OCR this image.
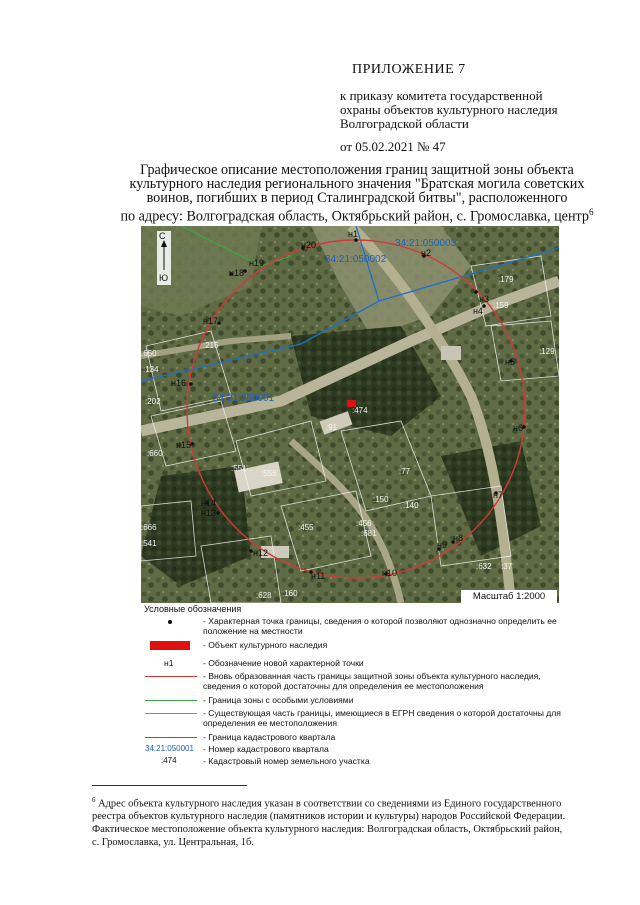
ПРИЛОЖЕНИЕ 7
к приказу комитета государственной
охраны объектов культурного наследия
Волгоградской области
от 05.02.2021 № 47
Графическое описание местоположения границ защитной зоны объекта
культурного наследия регионального значения "Братская могила советских
воинов, погибших в период Сталинградской битвы", расположенного
по адресу: Волгоградская область, Октябрьский район, с. Громославка, центр$^6$
С
Ю
34:21:050003
34:21:050002
34:21:050001
н1
н2
н3
н4
н5
н6
н7
н8
н9
н10
н11
н12
н13
н14
н15
н16
н17
н18
н19
н20
:474
:179
:129
:159
:650
:134
:202
:660
:551
:556
:150
:455
:77
:140
:666
:541
:456
:632 :37
:160
:628
:215
:681
:91
Масштаб 1:2000
Условные обозначения
- Характерная точка границы, сведения о которой позволяют однозначно определить ее положение на местности
- Объект культурного наследия
н1	- Обозначение новой характерной точки
- Вновь образованная часть границы защитной зоны объекта культурного наследия, сведения о которой достаточны для определения ее местоположения
- Граница зоны с особыми условиями
- Существующая часть границы, имеющиеся в ЕГРН сведения о которой достаточны для определения ее местоположения
- Граница кадастрового квартала
34:21:050001 - Номер кадастрового квартала
:474	- Кадастровый номер земельного участка
$^6$ Адрес объекта культурного наследия указан в соответствии со сведениями из Единого государственного
реестра объектов культурного наследия (памятников истории и культуры) народов Российской Федерации.
Фактическое местоположение объекта культурного наследия: Волгоградская область, Октябрьский район,
с. Громославка, ул. Центральная, 1б.
